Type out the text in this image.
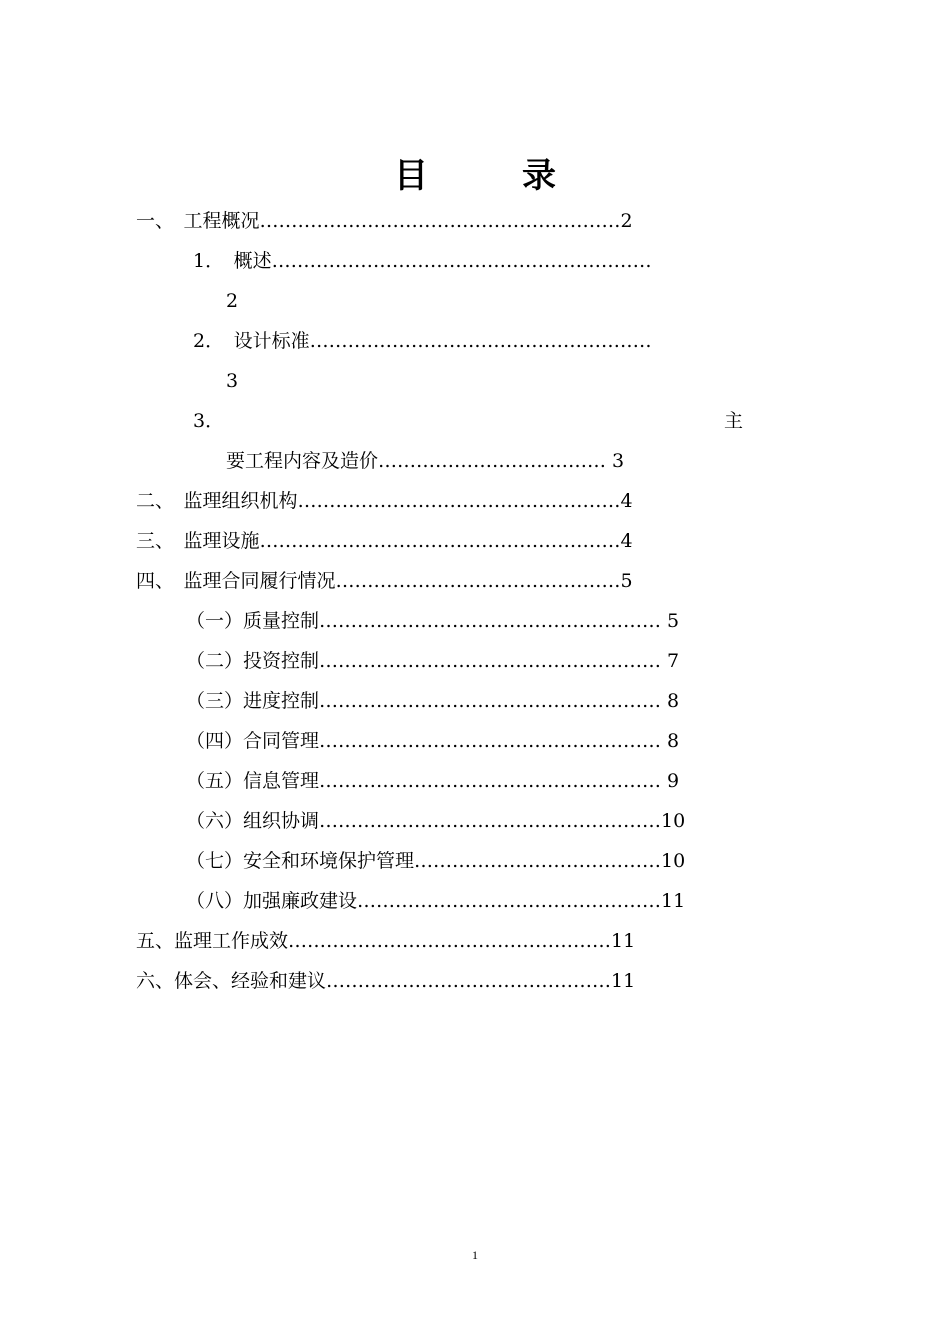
目　录
一、　工程概况…………………………………………………2
1．　概述……………………………………………………
2
2．　设计标准………………………………………………
3
3．	主
要工程内容及造价……………………………… 3
二、　监理组织机构……………………………………………4
三、　监理设施…………………………………………………4
四、　监理合同履行情况………………………………………5
（一）质量控制……………………………………………… 5
（二）投资控制……………………………………………… 7
（三）进度控制……………………………………………… 8
（四）合同管理……………………………………………… 8
（五）信息管理……………………………………………… 9
（六）组织协调………………………………………………10
（七）安全和环境保护管理…………………………………10
（八）加强廉政建设…………………………………………11
五、监理工作成效……………………………………………11
六、体会、经验和建议………………………………………11
1
